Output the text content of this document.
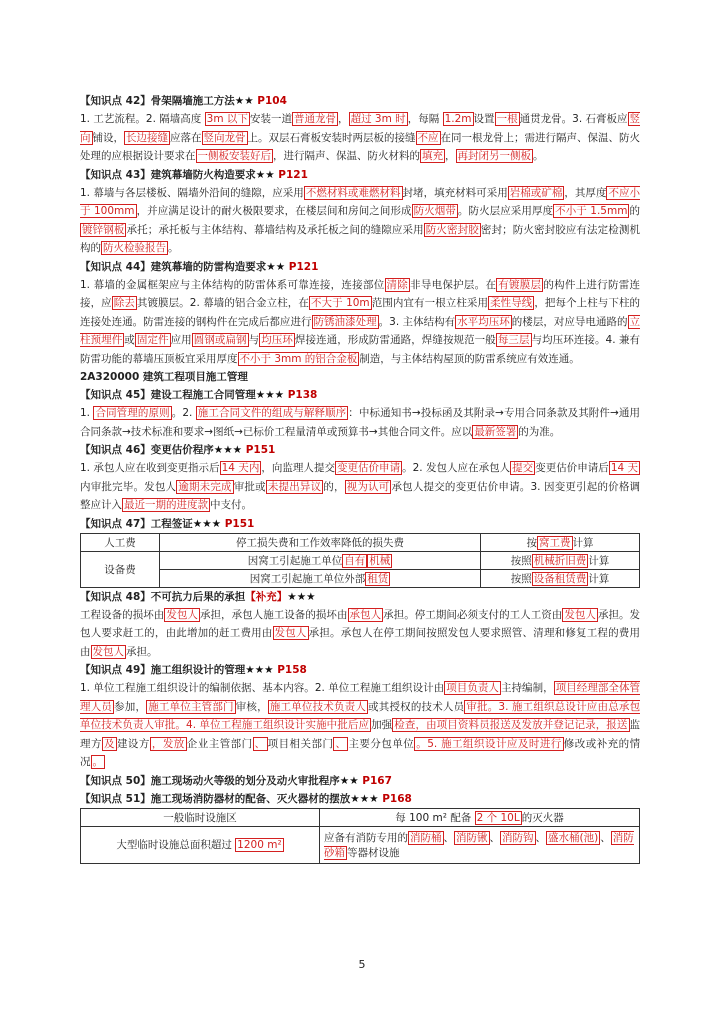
【知识点 42】骨架隔墙施工方法★★ P104
1. 工艺流程。2. 隔墙高度 3m 以下 安装一道 普通龙骨 ， 超过 3m 时 ，每隔 1.2m 设置 一根 通贯龙骨。3. 石膏板应 竖向 铺设， 长边接缝 应落在 竖向龙骨 上。双层石膏板安装时两层板的接缝 不应 在同一根龙骨上；需进行隔声、保温、防火处理的应根据设计要求在 一侧板安装好后 ，进行隔声、保温、防火材料的 填充 ， 再封闭另一侧板 。
【知识点 43】建筑幕墙防火构造要求★★ P121
1. 幕墙与各层楼板、隔墙外沿间的缝隙，应采用 不燃材料或难燃材料 封堵，填充材料可采用 岩棉或矿棉 ，其厚度 不应小于 100mm ，并应满足设计的耐火极限要求，在楼层间和房间之间形成 防火烟带 。防火层应采用厚度 不小于 1.5mm 的镀锌钢板 承托；承托板与主体结构、幕墙结构及承托板之间的缝隙应采用 防火密封胶 密封；防火密封胶应有法定检测机构的 防火检验报告 。
【知识点 44】建筑幕墙的防雷构造要求★★ P121
1. 幕墙的金属框架应与主体结构的防雷体系可靠连接，连接部位 清除 非导电保护层。在 有镀膜层 的构件上进行防雷连接，应 除去 其镀膜层。2. 幕墙的铝合金立柱，在 不大于 10m 范围内宜有一根立柱采用 柔性导线 ，把每个上柱与下柱的连接处连通。防雷连接的钢构件在完成后都应进行 防锈油漆处理 。3. 主体结构有 水平均压环 的楼层，对应导电通路的 立柱预埋件 或 固定件 应用 圆钢或扁钢 与 均压环 焊接连通，形成防雷通路，焊缝按规范一般 每三层 与均压环连接。4. 兼有防雷功能的幕墙压顶板宜采用厚度 不小于 3mm 的铝合金板 制造，与主体结构屋顶的防雷系统应有效连通。
2A320000 建筑工程项目施工管理
【知识点 45】建设工程施工合同管理★★★ P138
1. 合同管理的原则 。2. 施工合同文件的组成与解释顺序 ：中标通知书→投标函及其附录→专用合同条款及其附件→通用合同条款→技术标准和要求→图纸→已标价工程量清单或预算书→其他合同文件。应以 最新签署 的为准。
【知识点 46】变更估价程序★★★ P151
1. 承包人应在收到变更指示后 14 天内 ，向监理人提交 变更估价申请 。2. 发包人应在承包人 提交 变更估价申请后 14 天内审批完毕。发包人 逾期未完成 审批或 未提出异议 的， 视为认可 承包人提交的变更估价申请。3. 因变更引起的价格调整应计入 最近一期的进度款 中支付。
【知识点 47】工程签证★★★ P151
人工费	停工损失费和工作效率降低的损失费	按 窝工费 计算
设备费	因窝工引起施工单位 自有 机械	按照 机械折旧费 计算
	因窝工引起施工单位外部 租赁	按照 设备租赁费 计算
【知识点 48】不可抗力后果的承担【补充】★★★
工程设备的损坏由 发包人 承担，承包人施工设备的损坏由 承包人 承担。停工期间必须支付的工人工资由 发包人 承担。发包人要求赶工的，由此增加的赶工费用由 发包人 承担。承包人在停工期间按照发包人要求照管、清理和修复工程的费用由 发包人 承担。
【知识点 49】施工组织设计的管理★★★ P158
1. 单位工程施工组织设计的编制依据、基本内容。2. 单位工程施工组织设计由 项目负责人 主持编制， 项目经理部全体管理人员 参加， 施工单位主管部门 审核， 施工单位技术负责人 或其授权的技术人员 审批。3. 施工组织总设计应由总承包单位技术负责人审批。4. 单位工程施工组织设计实施中批后应 加强 检查，由项目资料员报送及发放并登记记录，报送 监理方 及 建设方 ，发放 企业主管部门 、 项目相关部门 、 主要分包单位 。5. 施工组织设计应及时进行 修改或补充的情况 。
【知识点 50】施工现场动火等级的划分及动火审批程序★★ P167
【知识点 51】施工现场消防器材的配备、灭火器材的摆放★★★ P168
一般临时设施区	每 100 m² 配备 2 个 10L 的灭火器
大型临时设施总面积超过 1200 m²	应备有消防专用的 消防桶 、 消防锹 、 消防钩 、 盛水桶(池) 、 消防砂箱 等器材设施
5
